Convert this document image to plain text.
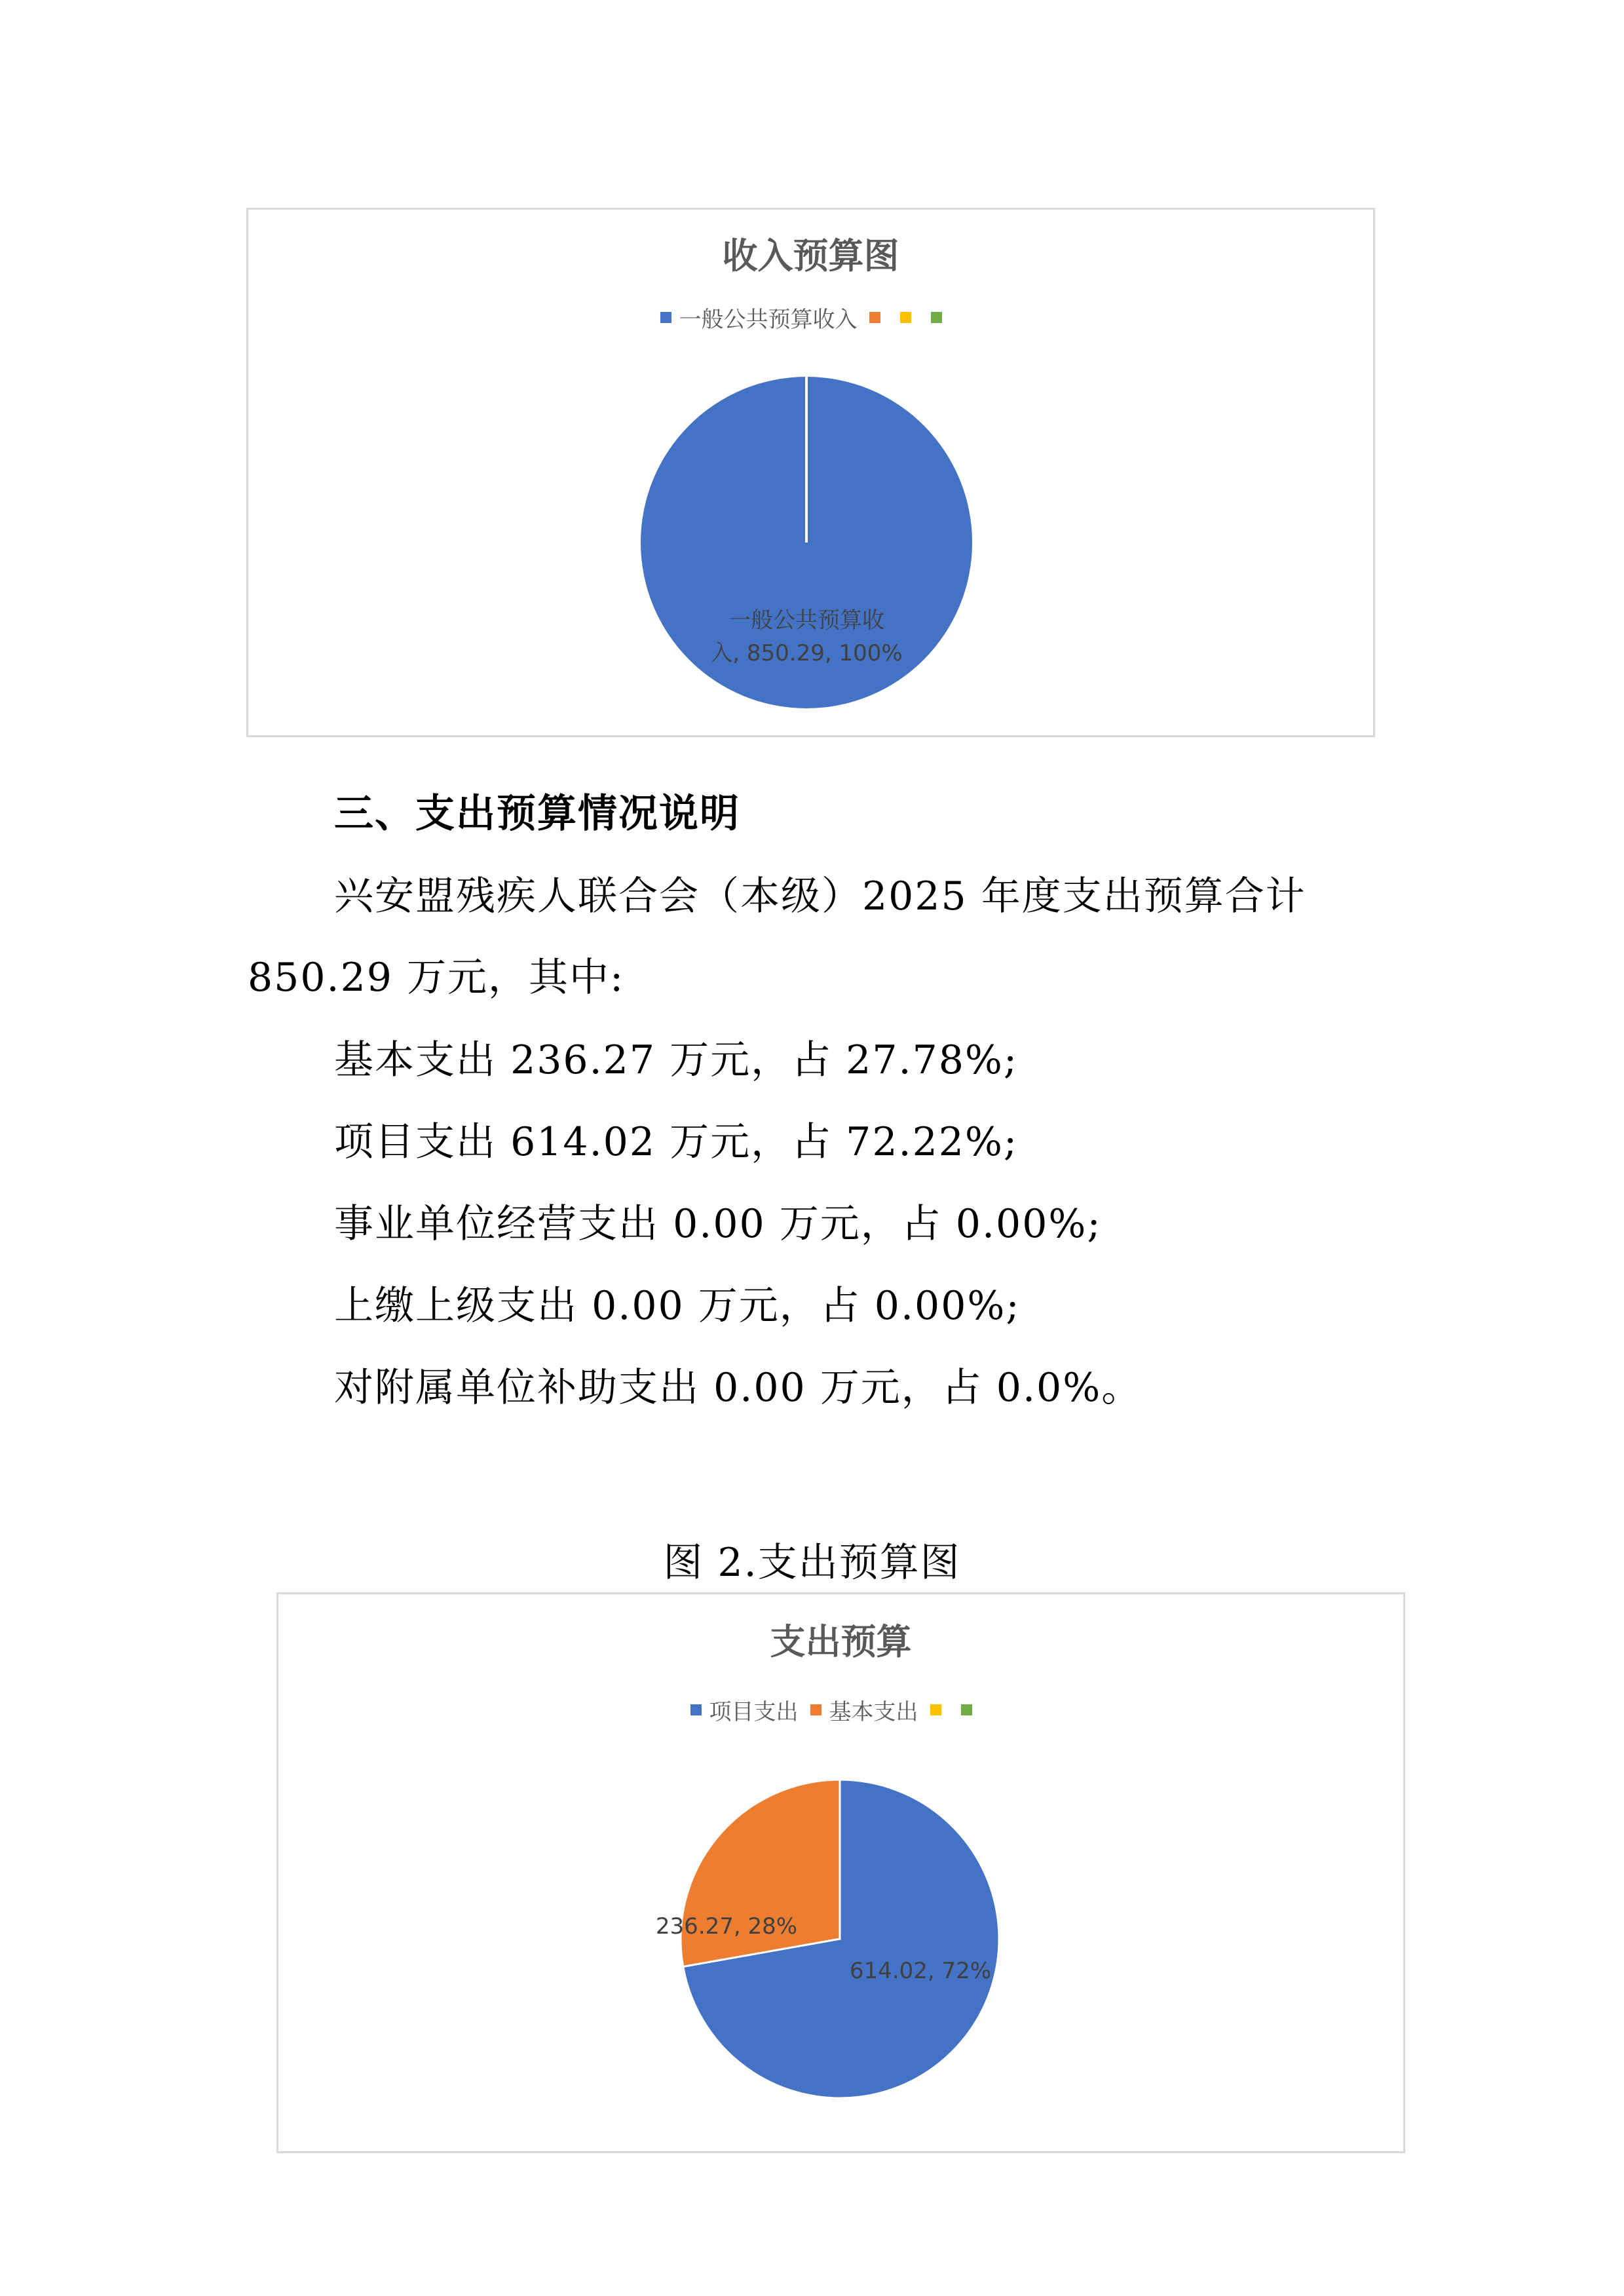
收入预算图
一般公共预算收入
一般公共预算收
入, 850.29, 100%
三、支出预算情况说明
兴安盟残疾人联合会（本级）2025 年度支出预算合计
850.29 万元，其中:
基本支出 236.27 万元，占 27.78%;
项目支出 614.02 万元，占 72.22%;
事业单位经营支出 0.00 万元，占 0.00%;
上缴上级支出 0.00 万元，占 0.00%;
对附属单位补助支出 0.00 万元，占 0.0%。
图 2.支出预算图
支出预算
项目支出 基本支出
614.02, 72%
236.27, 28%
